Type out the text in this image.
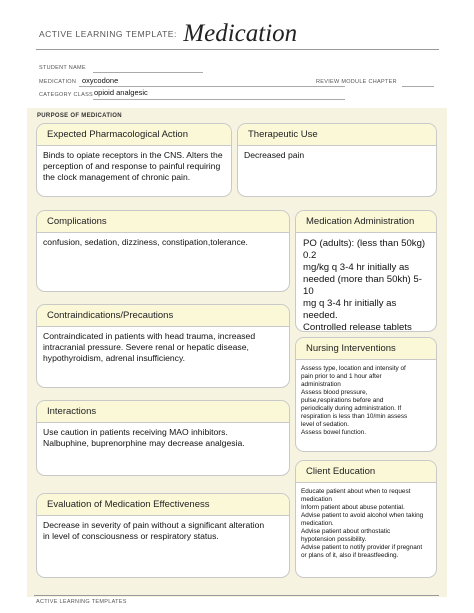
ACTIVE LEARNING TEMPLATE: Medication
STUDENT NAME
MEDICATION oxycodone	REVIEW MODULE CHAPTER
CATEGORY CLASS opioid analgesic
PURPOSE OF MEDICATION
Expected Pharmacological Action
Binds to opiate receptors in the CNS. Alters the
perception of and response to painful requiring
the clock management of chronic pain.
Therapeutic Use
Decreased pain
Complications
confusion, sedation, dizziness, constipation,tolerance.
Medication Administration
PO (adults): (less than 50kg) 0.2
mg/kg q 3-4 hr initially as
needed (more than 50kh) 5-10
mg q 3-4 hr initially as needed.
Controlled release tablets
Contraindications/Precautions
Contraindicated in patients with head trauma, increased
intracranial pressure. Severe renal or hepatic disease,
hypothyroidism, adrenal insufficiency.
Nursing Interventions
Assess type, location and intensity of
pain prior to and 1 hour after
administration
Assess blood pressure,
pulse,respirations before and
periodically during administration. If
respiration is less than 10/min assess
level of sedation.
Assess bowel function.
Interactions
Use caution in patients receiving MAO inhibitors.
Nalbuphine, buprenorphine may decrease analgesia.
Client Education
Educate patient about when to request
medication
Inform patient about abuse potential.
Advise patient to avoid alcohol when taking
medication.
Advise patient about orthostatic
hypotension possibility.
Advise patient to notify provider if pregnant
or plans of it, also if breastfeeding.
Evaluation of Medication Effectiveness
Decrease in severity of pain without a significant alteration
in level of consciousness or respiratory status.
ACTIVE LEARNING TEMPLATES
